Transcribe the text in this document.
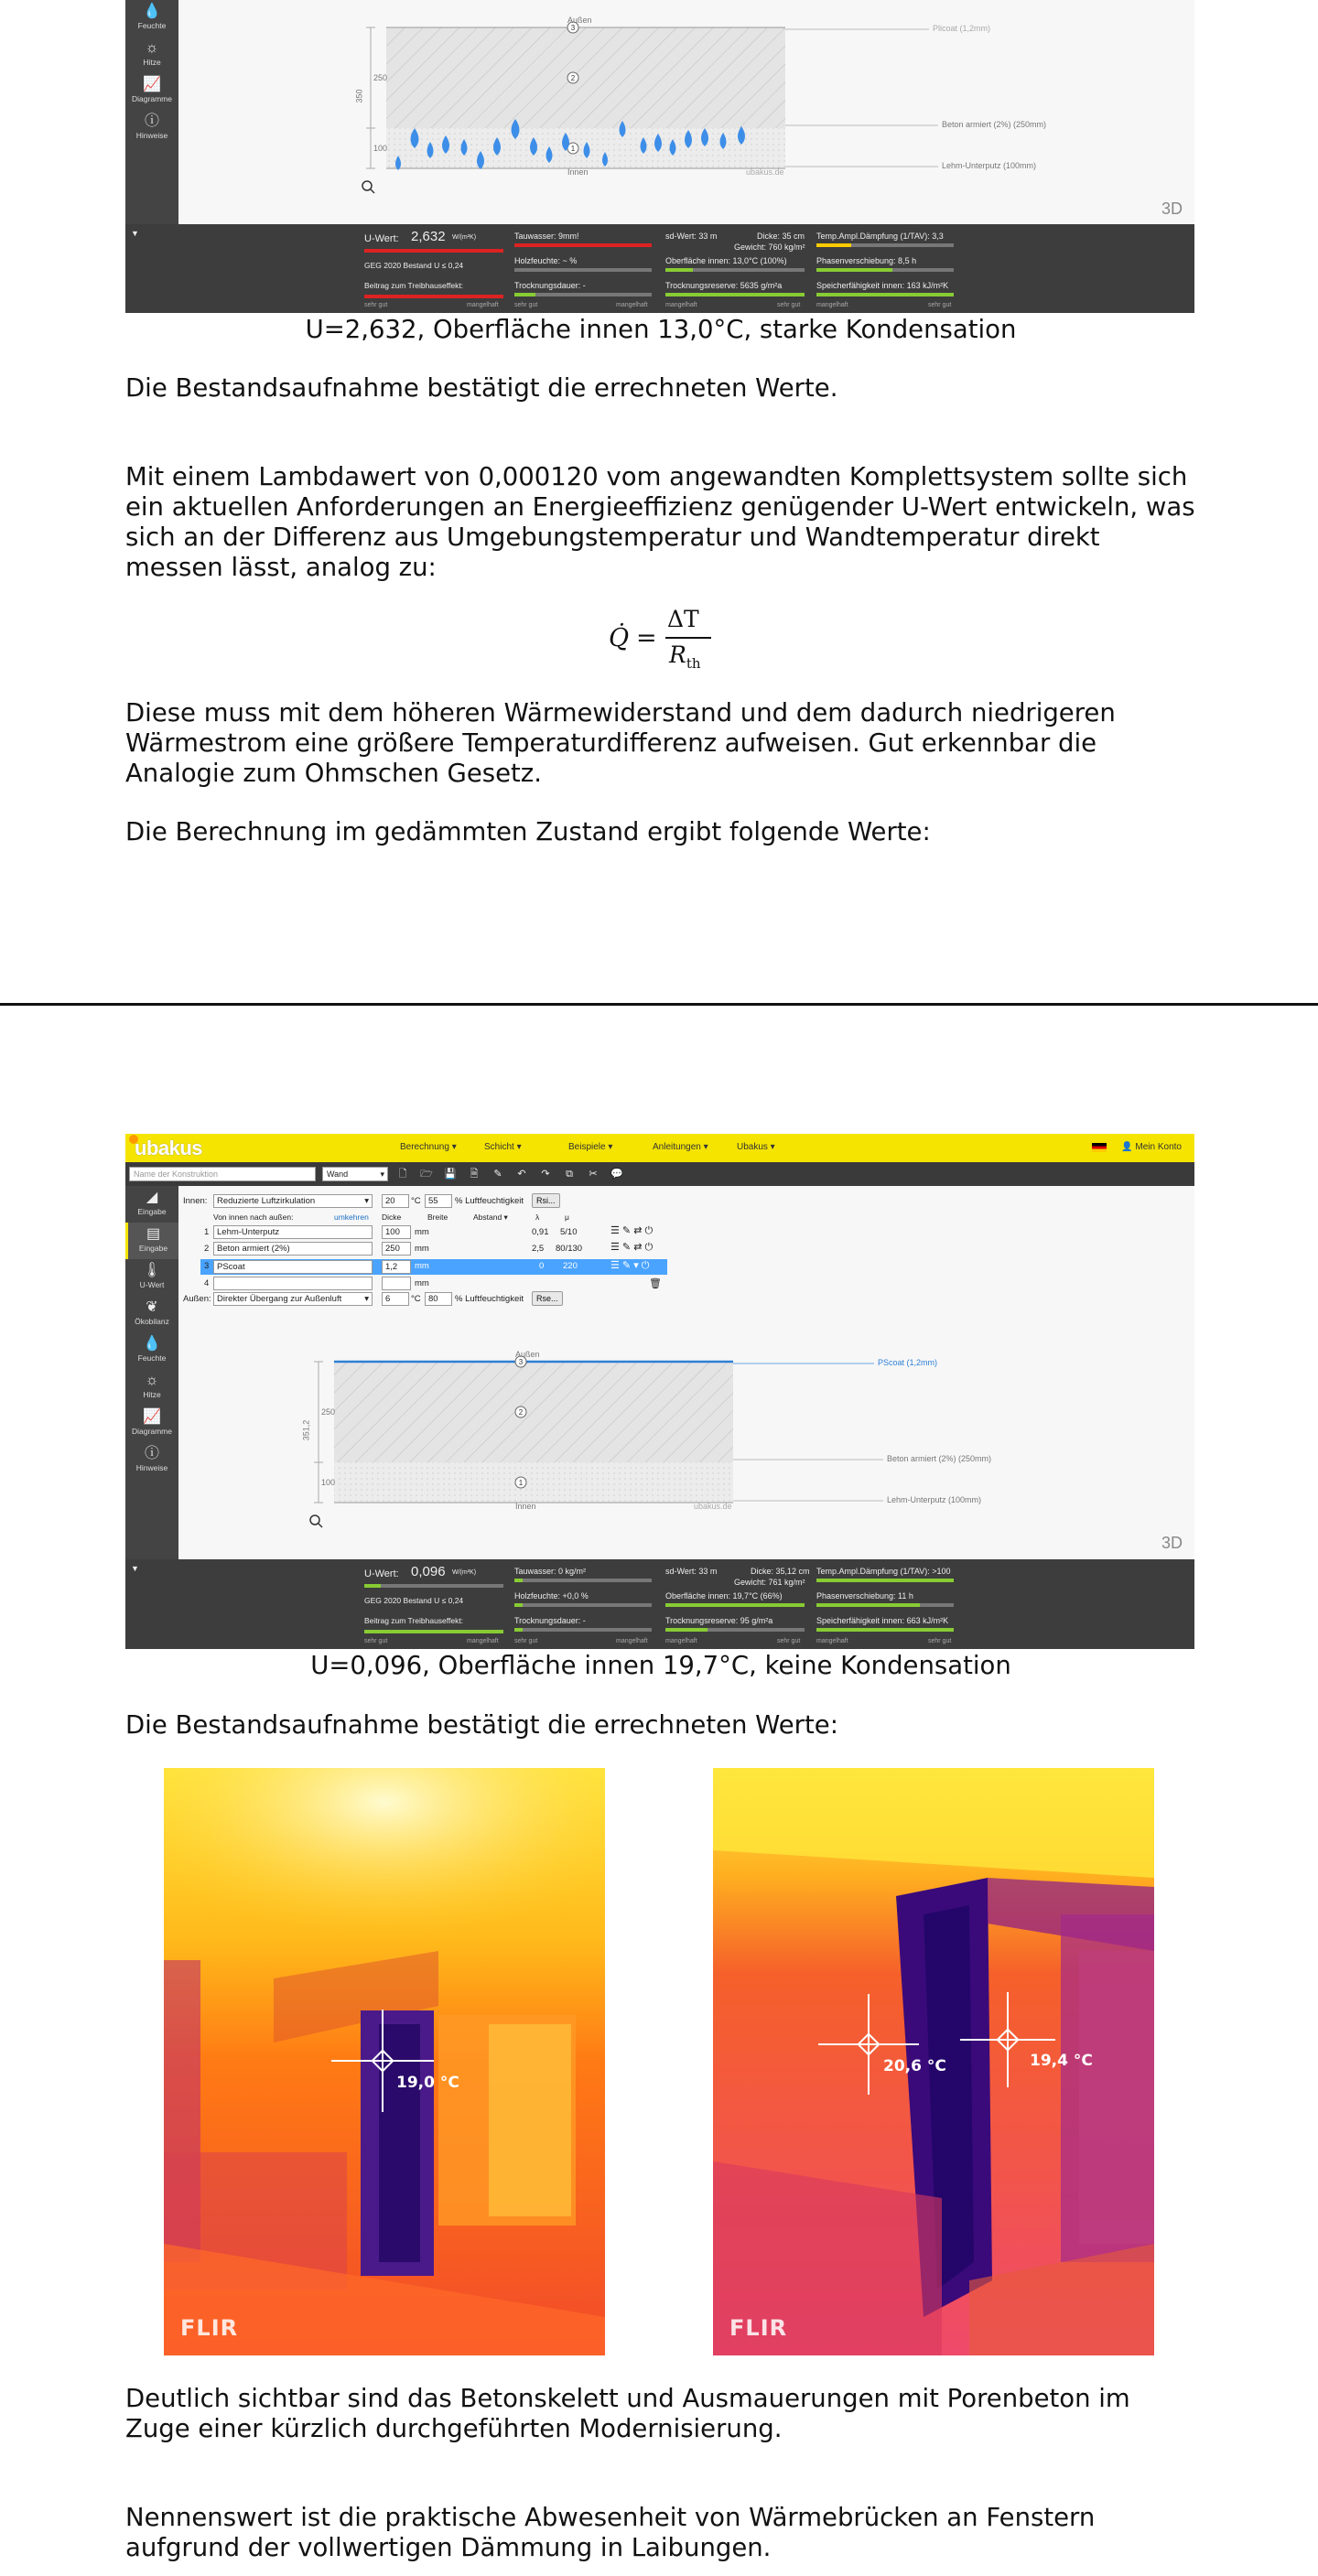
💧
Feuchte
☼
Hitze
📈
Diagramme
ⓘ
Hinweise
3
2
1
Außen
Innen	ubakus.de
350
250
100
Plicoat (1,2mm)
Beton armiert (2%) (250mm)
Lehm-Unterputz (100mm)
3D
▼	U-Wert: 2,632 W/(m²K)
GEG 2020 Bestand U ≤ 0,24
Beitrag zum Treibhauseffekt:
sehr gut	mangelhaft
Tauwasser: 9mm!
Holzfeuchte: ~ %
Trocknungsdauer: -
sehr gut	mangelhaft
sd-Wert: 33 m	Dicke: 35 cm
Gewicht: 760 kg/m²
Oberfläche innen: 13,0°C (100%)
Trocknungsreserve: 5635 g/m²a
mangelhaft	sehr gut
Temp.Ampl.Dämpfung (1/TAV): 3,3
Phasenverschiebung: 8,5 h
Speicherfähigkeit innen: 163 kJ/m²K
mangelhaft	sehr gut
U=2,632, Oberfläche innen 13,0°C, starke Kondensation
Die Bestandsaufnahme bestätigt die errechneten Werte.
Mit einem Lambdawert von 0,000120 vom angewandten Komplettsystem sollte sich ein aktuellen Anforderungen an Energieeffizienz genügender U-Wert entwickeln, was sich an der Differenz aus Umgebungstemperatur und Wandtemperatur direkt messen lässt, analog zu:
Q̇ =
ΔT
$R_{th}$
Diese muss mit dem höheren Wärmewiderstand und dem dadurch niedrigeren Wärmestrom eine größere Temperaturdifferenz aufweisen. Gut erkennbar die Analogie zum Ohmschen Gesetz.
Die Berechnung im gedämmten Zustand ergibt folgende Werte:
ubakus	Berechnung ▾	Schicht ▾	Beispiele ▾	Anleitungen ▾	Ubakus ▾	👤 Mein Konto
Name der Konstruktion	Wand	▾ 🗋 🗁 💾 🗎 ✎ ↶ ↷ ⧉ ✂ 💬
◢
Eingabe
▤
Eingabe
🌡
U-Wert
❦
Ökobilanz
💧
Feuchte
☼
Hitze
📈
Diagramme
ⓘ
Hinweise
Innen:	Reduzierte Luftzirkulation	▾	20	°C 55	% Luftfeuchtigkeit	Rsi...
Von innen nach außen:	umkehren Dicke	Breite	Abstand ▾	λ	μ
1 Lehm-Unterputz	100	mm	0,91 5/10	☰ ✎ ⇄ ⏻
2 Beton armiert (2%)	250	mm	2,5 80/130	☰ ✎ ⇄ ⏻
3 PScoat	1,2	mm	0 220	☰ ✎ ▾ ⏻
4	mm	🗑
Außen: Direkter Übergang zur Außenluft	▾	6	°C 80	% Luftfeuchtigkeit	Rse...
3
2
1
Außen
Innen	ubakus.de
351,2
250
100
PScoat (1,2mm)
Beton armiert (2%) (250mm)
Lehm-Unterputz (100mm)
3D
▼	U-Wert: 0,096 W/(m²K)
GEG 2020 Bestand U ≤ 0,24
Beitrag zum Treibhauseffekt:
sehr gut	mangelhaft
Tauwasser: 0 kg/m²
Holzfeuchte: +0,0 %
Trocknungsdauer: -
sehr gut	mangelhaft
sd-Wert: 33 m	Dicke: 35,12 cm
Gewicht: 761 kg/m²
Oberfläche innen: 19,7°C (66%)
Trocknungsreserve: 95 g/m²a
mangelhaft	sehr gut
Temp.Ampl.Dämpfung (1/TAV): >100
Phasenverschiebung: 11 h
Speicherfähigkeit innen: 663 kJ/m²K
mangelhaft	sehr gut
U=0,096, Oberfläche innen 19,7°C, keine Kondensation
Die Bestandsaufnahme bestätigt die errechneten Werte:
19,0 °C
FLIR
20,6 °C	19,4 °C
FLIR
Deutlich sichtbar sind das Betonskelett und Ausmauerungen mit Porenbeton im Zuge einer kürzlich durchgeführten Modernisierung.
Nennenswert ist die praktische Abwesenheit von Wärmebrücken an Fenstern aufgrund der vollwertigen Dämmung in Laibungen.
